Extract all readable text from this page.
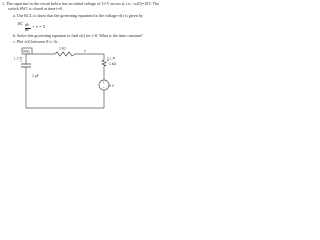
1. The capacitor in the circuit below has an initial voltage of 10 V across it, i.e., vc(0)=10V. The
switch SW1 is closed at time t=0.
a. Use KCL to show that the governing equation for the voltage v(t) is given by
RC dv
dt + v = 5
b. Solve this governing equation to find v(t) for t>0. What is the time constant?
c. Plot v(t) between 0<t<3τ.
SW1	v
1 kΩ
i_C	i_R
1 μF
1 kΩ
5 V
+
−
